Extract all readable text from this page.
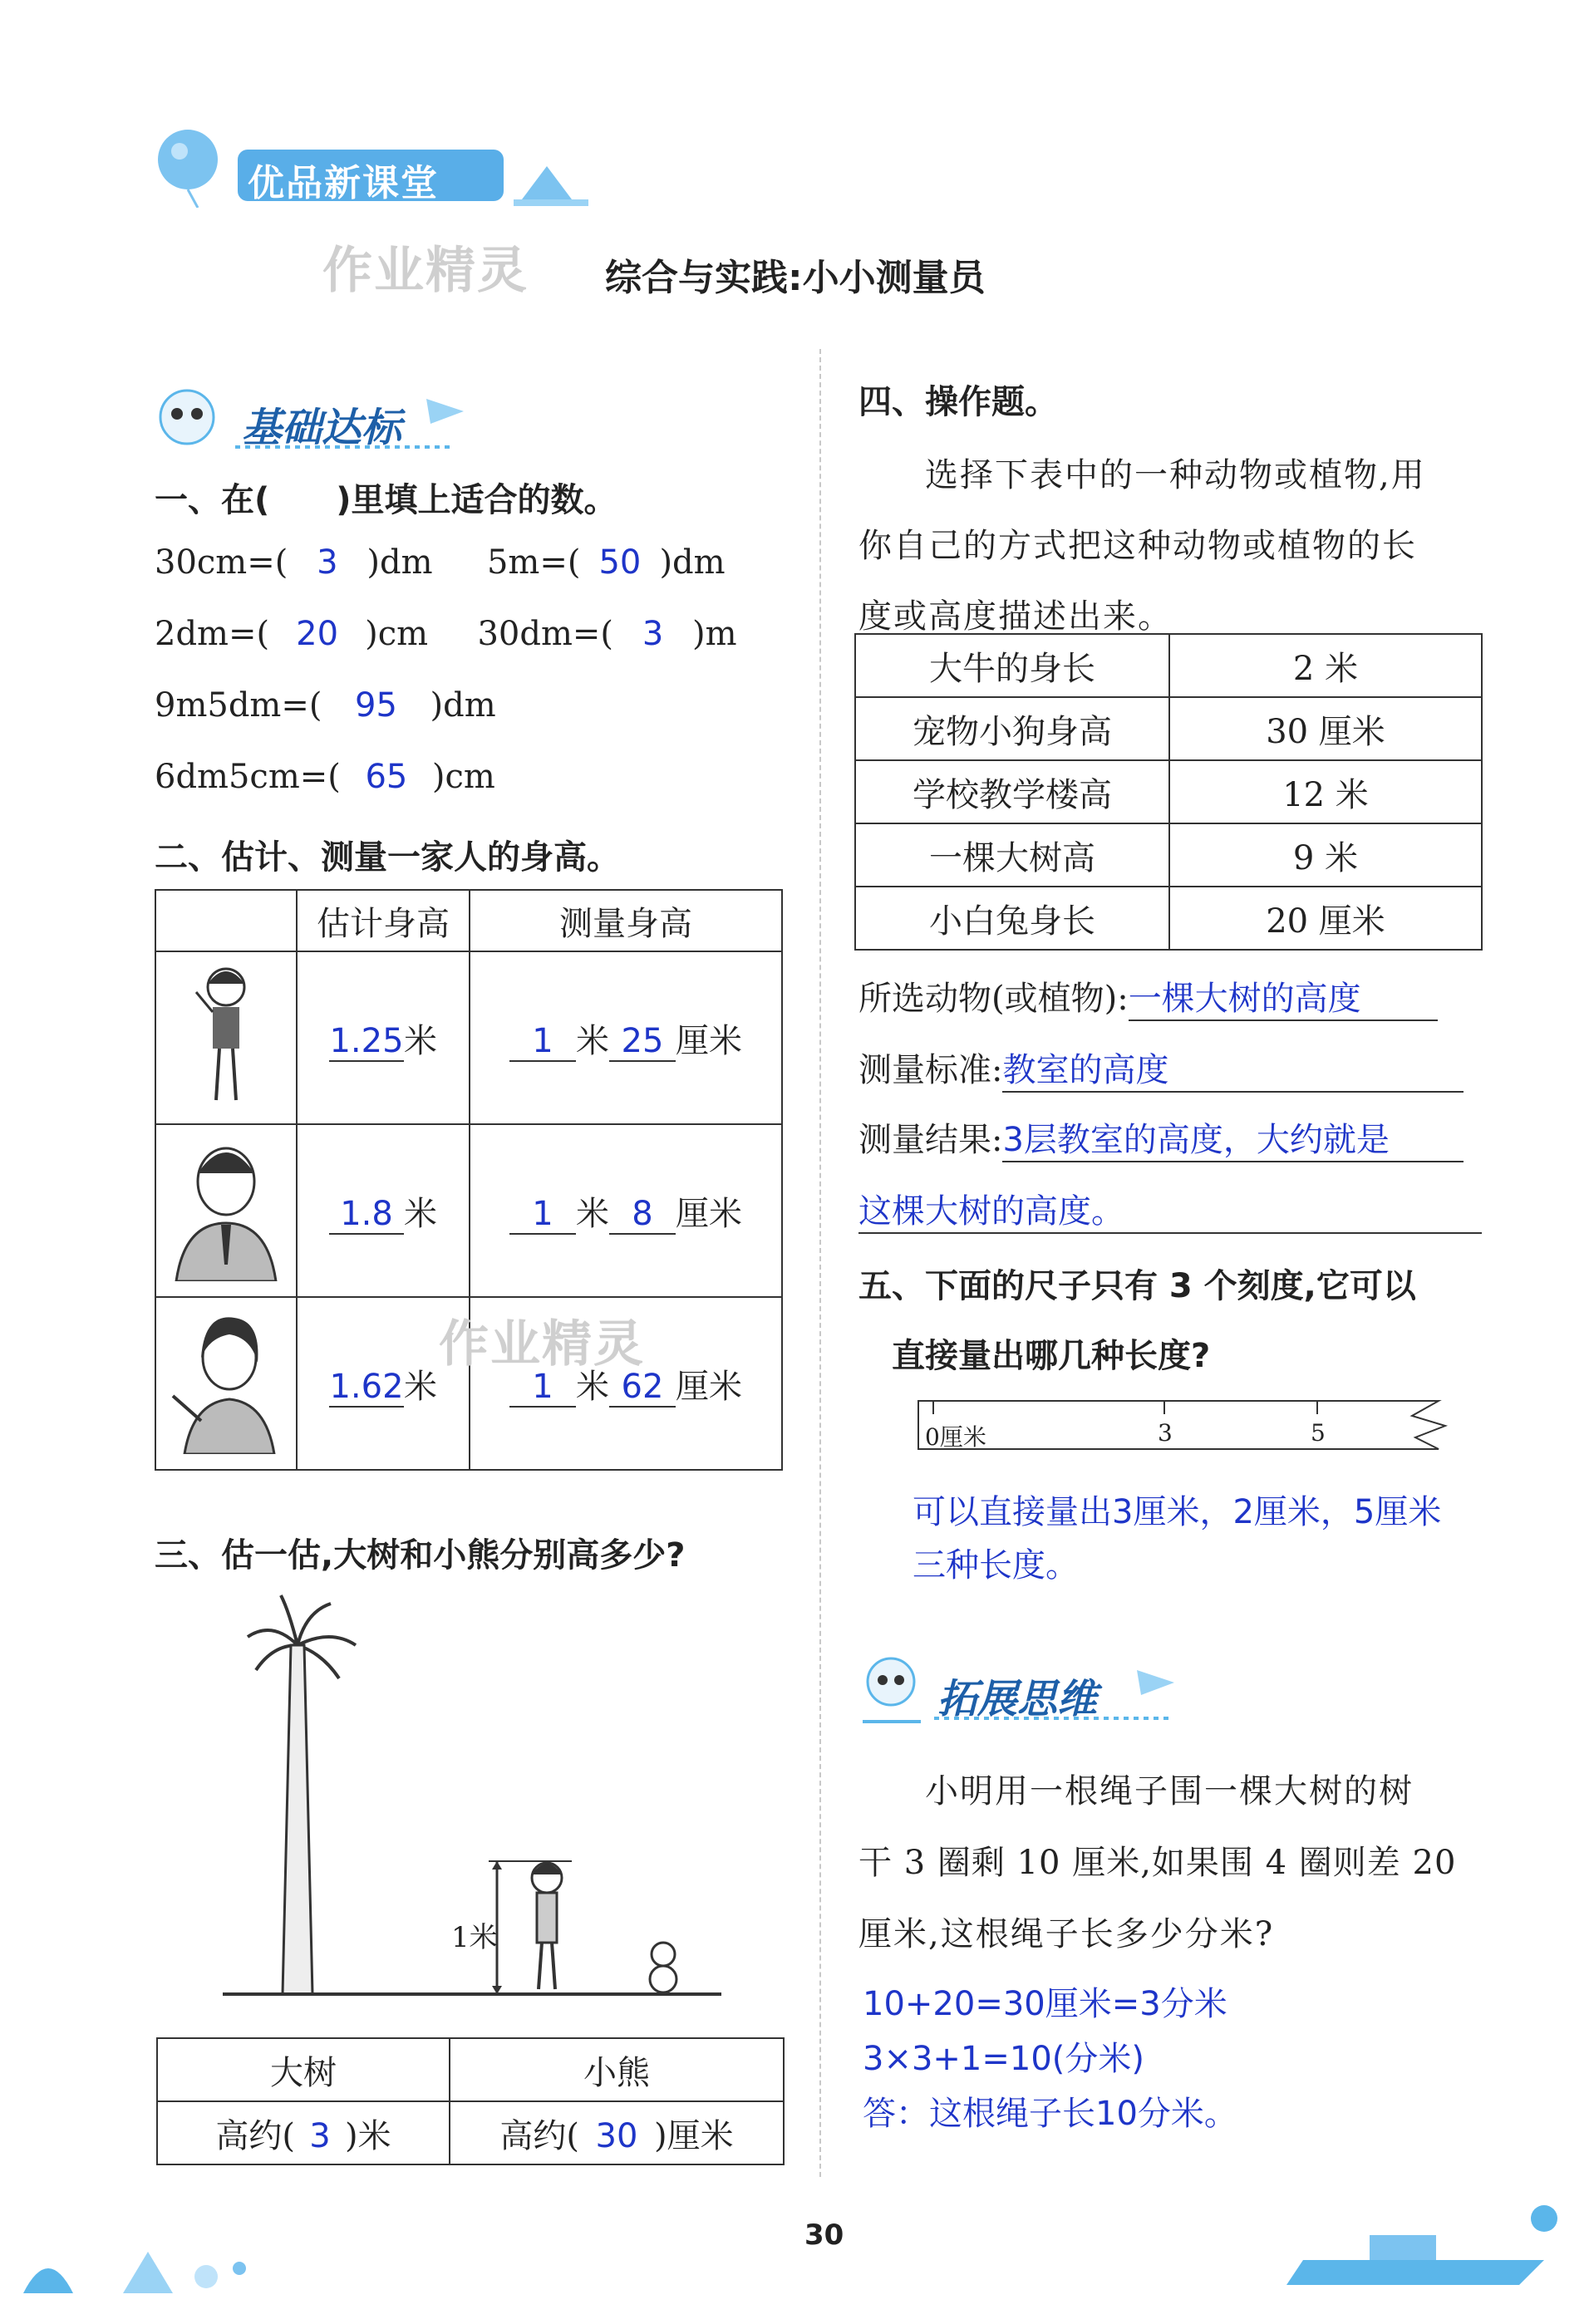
优品新课堂
作业精灵 综合与实践:小小测量员
基础达标
一、在(　　)里填上适合的数。
30cm=( 3 )dm 5m=( 50 )dm
2dm=( 20 )cm 30dm=( 3 )m
9m5dm=( 95 )dm
6dm5cm=( 65 )cm
二、估计、测量一家人的身高。
	估计身高	测量身高
	1.25米	1 米 25 厘米
	1.8 米	1 米 8 厘米
	1.62米	1 米 62 厘米
作业精灵
三、估一估,大树和小熊分别高多少?
1米
大树	小熊
高约( 3 )米	高约( 30 )厘米
四、操作题。
选择下表中的一种动物或植物,用
你自己的方式把这种动物或植物的长
度或高度描述出来。
大牛的身长	2 米
宠物小狗身高	30 厘米
学校教学楼高	12 米
一棵大树高	9 米
小白兔身长	20 厘米
所选动物(或植物):一棵大树的高度
测量标准:教室的高度
测量结果:3层教室的高度，大约就是
这棵大树的高度。
五、下面的尺子只有 3 个刻度,它可以
直接量出哪几种长度?
0厘米	3	5
可以直接量出3厘米，2厘米，5厘米
三种长度。
拓展思维
小明用一根绳子围一棵大树的树
干 3 圈剩 10 厘米,如果围 4 圈则差 20
厘米,这根绳子长多少分米?
10+20=30厘米=3分米
3×3+1=10(分米)
答：这根绳子长10分米。
30
